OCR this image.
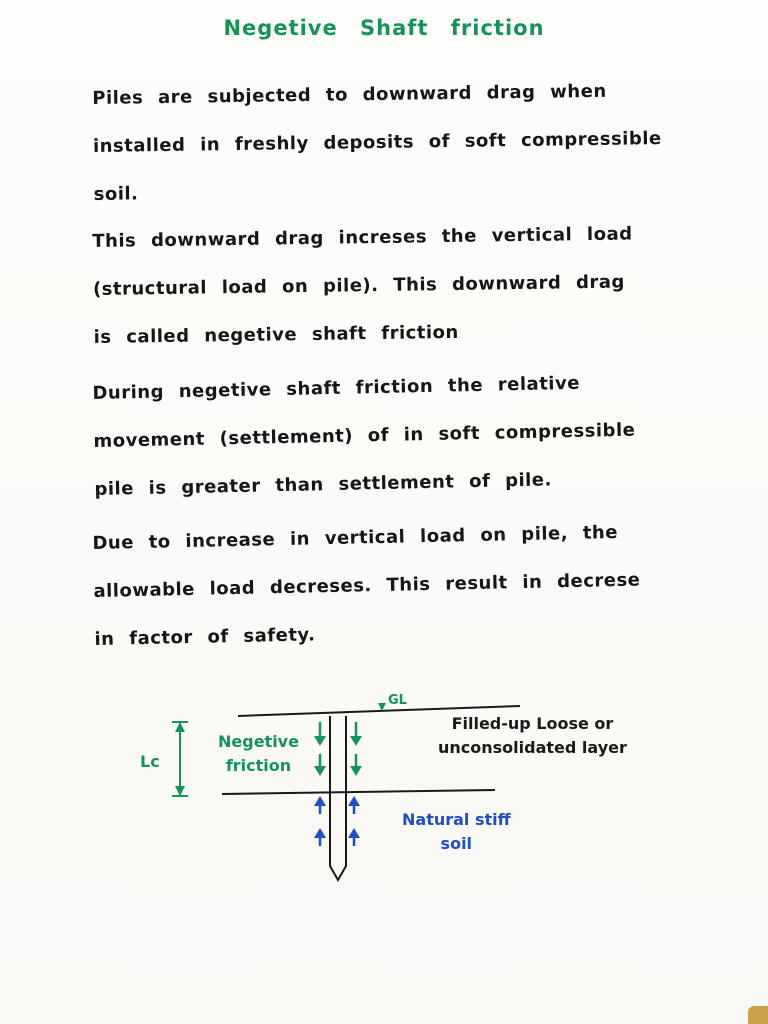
Negetive Shaft friction
Piles are subjected to downward drag when
installed in freshly deposits of soft compressible
soil.
This downward drag increses the vertical load
(structural load on pile). This downward drag
is called negetive shaft friction
During negetive shaft friction the relative
movement (settlement) of in soft compressible
pile is greater than settlement of pile.
Due to increase in vertical load on pile, the
allowable load decreses. This result in decrese
in factor of safety.
Lc
Negetive
friction
GL
Filled-up Loose or
unconsolidated layer
Natural stiff
soil
